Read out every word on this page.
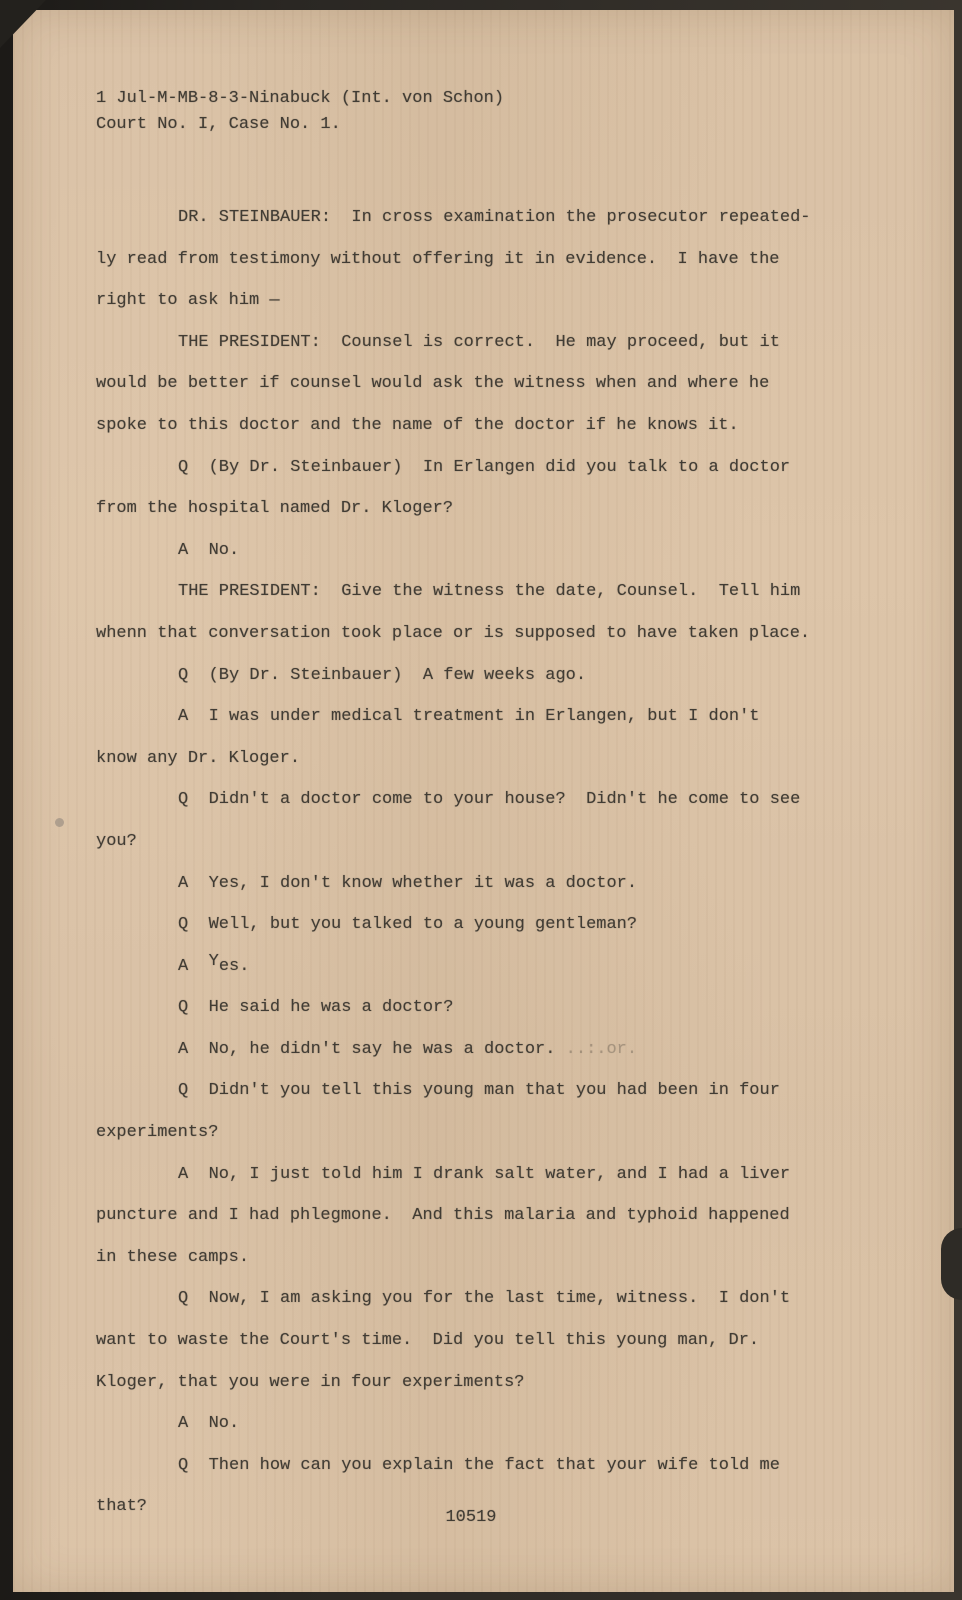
1 Jul-M-MB-8-3-Ninabuck (Int. von Schon)
Court No. I, Case No. 1.
DR. STEINBAUER:  In cross examination the prosecutor repeated-
ly read from testimony without offering it in evidence.  I have the
right to ask him —
THE PRESIDENT:  Counsel is correct.  He may proceed, but it
would be better if counsel would ask the witness when and where he
spoke to this doctor and the name of the doctor if he knows it.
Q  (By Dr. Steinbauer)  In Erlangen did you talk to a doctor
from the hospital named Dr. Kloger?
A  No.
THE PRESIDENT:  Give the witness the date, Counsel.  Tell him
whenn that conversation took place or is supposed to have taken place.
Q  (By Dr. Steinbauer)  A few weeks ago.
A  I was under medical treatment in Erlangen, but I don't
know any Dr. Kloger.
Q  Didn't a doctor come to your house?  Didn't he come to see
you?
A  Yes, I don't know whether it was a doctor.
Q  Well, but you talked to a young gentleman?
A  Yes.
Q  He said he was a doctor?
A  No, he didn't say he was a doctor. ..:.or.
Q  Didn't you tell this young man that you had been in four
experiments?
A  No, I just told him I drank salt water, and I had a liver
puncture and I had phlegmone.  And this malaria and typhoid happened
in these camps.
Q  Now, I am asking you for the last time, witness.  I don't
want to waste the Court's time.  Did you tell this young man, Dr.
Kloger, that you were in four experiments?
A  No.
Q  Then how can you explain the fact that your wife told me
that?
10519
